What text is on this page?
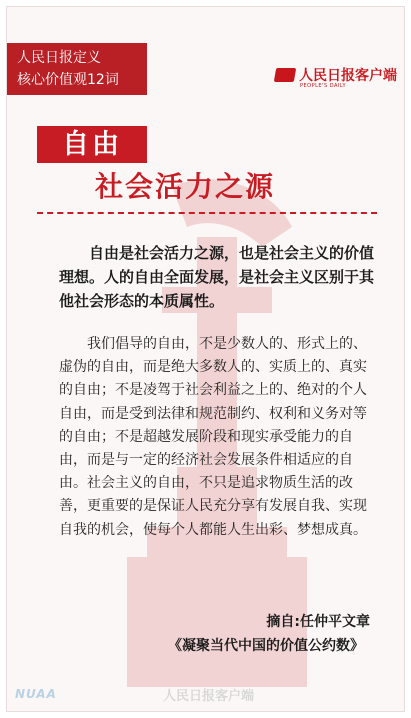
人民日报定义
核心价值观12词	人民日报客户端
PEOPLE'S DAILY
自由
社会活力之源

自由是社会活力之源，也是社会主义的价值理想。人的自由全面发展，是社会主义区别于其他社会形态的本质属性。

我们倡导的自由，不是少数人的、形式上的、虚伪的自由，而是绝大多数人的、实质上的、真实的自由；不是凌驾于社会利益之上的、绝对的个人自由，而是受到法律和规范制约、权利和义务对等的自由；不是超越发展阶段和现实承受能力的自由，而是与一定的经济社会发展条件相适应的自由。社会主义的自由，不只是追求物质生活的改善，更重要的是保证人民充分享有发展自我、实现自我的机会，使每个人都能人生出彩、梦想成真。

摘自:任仲平文章
《凝聚当代中国的价值公约数》
NUAA	人民日报客户端
